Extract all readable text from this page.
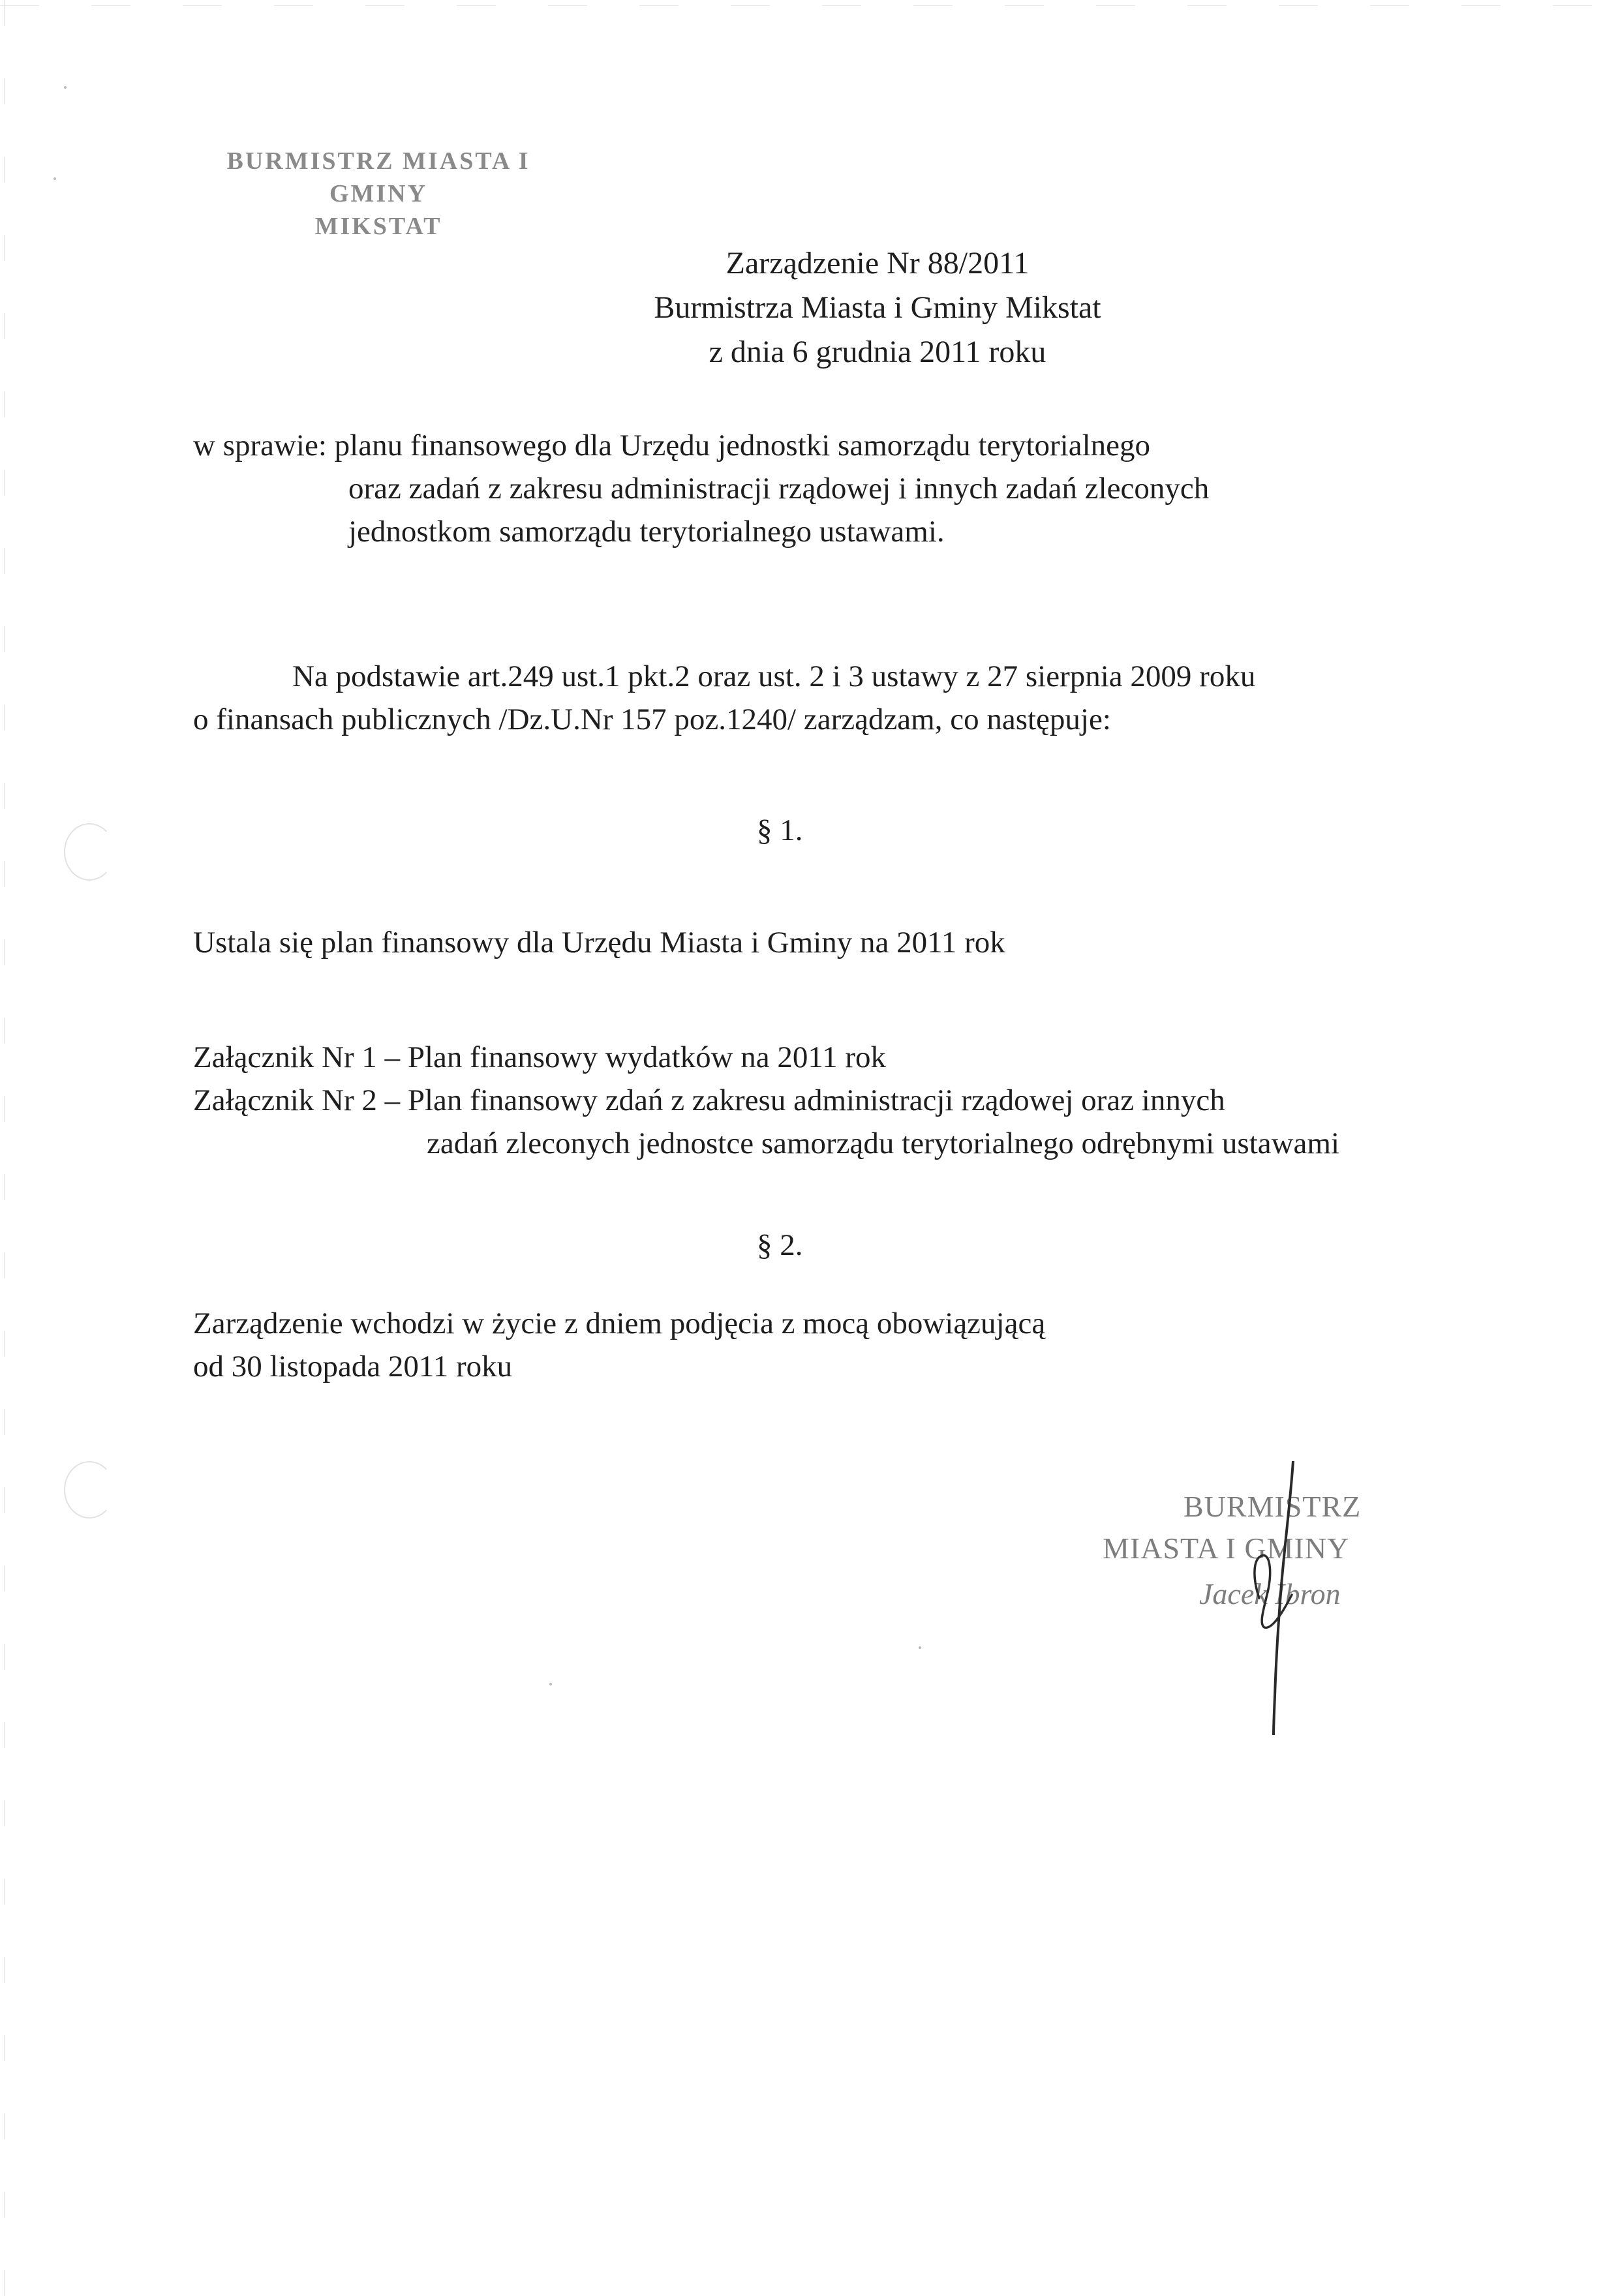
BURMISTRZ MIASTA I GMINY
MIKSTAT
Zarządzenie Nr 88/2011
Burmistrza Miasta i Gminy Mikstat
z dnia 6 grudnia 2011 roku
w sprawie: planu finansowego dla Urzędu jednostki samorządu terytorialnego
oraz zadań z zakresu administracji rządowej i innych zadań zleconych
jednostkom samorządu terytorialnego ustawami.
Na podstawie art.249 ust.1 pkt.2 oraz ust. 2 i 3 ustawy z 27 sierpnia 2009 roku
o finansach publicznych /Dz.U.Nr 157 poz.1240/ zarządzam, co następuje:
§ 1.
Ustala się plan finansowy dla Urzędu Miasta i Gminy na 2011 rok
Załącznik Nr 1 – Plan finansowy wydatków na 2011 rok
Załącznik Nr 2 – Plan finansowy zdań z zakresu administracji rządowej oraz innych
zadań zleconych jednostce samorządu terytorialnego odrębnymi ustawami
§ 2.
Zarządzenie wchodzi w życie z dniem podjęcia z mocą obowiązującą
od 30 listopada 2011 roku
BURMISTRZ
MIASTA I GMINY
Jacek Ibron
